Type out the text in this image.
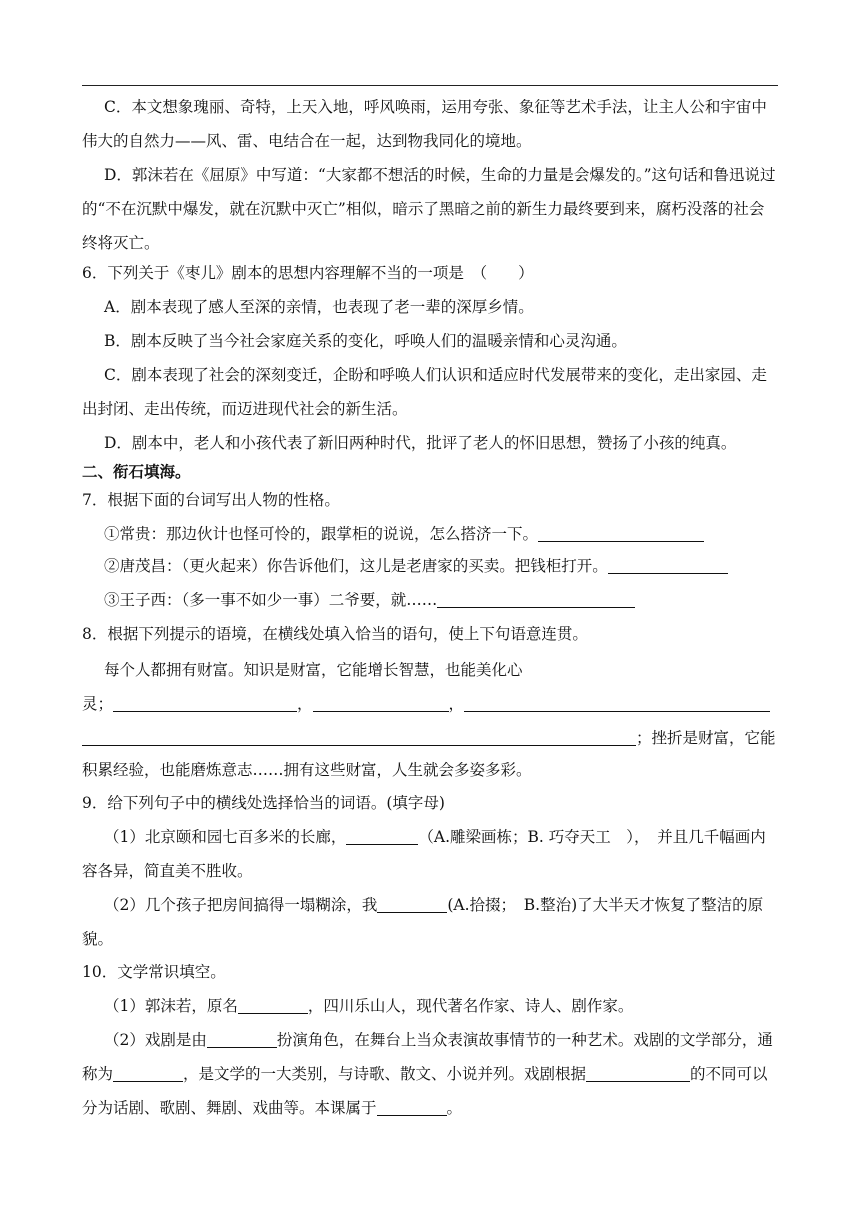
C．本文想象瑰丽、奇特，上天入地，呼风唤雨，运用夸张、象征等艺术手法，让主人公和宇宙中伟大的自然力——风、雷、电结合在一起，达到物我同化的境地。

D．郭沫若在《屈原》中写道：“大家都不想活的时候，生命的力量是会爆发的。”这句话和鲁迅说过的“不在沉默中爆发，就在沉默中灭亡”相似，暗示了黑暗之前的新生力最终要到来，腐朽没落的社会终将灭亡。

6．下列关于《枣儿》剧本的思想内容理解不当的一项是　（　　）

A．剧本表现了感人至深的亲情，也表现了老一辈的深厚乡情。

B．剧本反映了当今社会家庭关系的变化，呼唤人们的温暖亲情和心灵沟通。

C．剧本表现了社会的深刻变迁，企盼和呼唤人们认识和适应时代发展带来的变化，走出家园、走出封闭、走出传统，而迈进现代社会的新生活。

D．剧本中，老人和小孩代表了新旧两种时代，批评了老人的怀旧思想，赞扬了小孩的纯真。

二、衔石填海。

7．根据下面的台词写出人物的性格。

①常贵：那边伙计也怪可怜的，跟掌柜的说说，怎么搭济一下。

②唐茂昌：（更火起来）你告诉他们，这儿是老唐家的买卖。把钱柜打开。

③王子西：（多一事不如少一事）二爷要，就……

8．根据下列提示的语境，在横线处填入恰当的语句，使上下句语意连贯。

每个人都拥有财富。知识是财富，它能增长智慧，也能美化心

灵；	，	，
；挫折是财富，它能

积累经验，也能磨炼意志……拥有这些财富，人生就会多姿多彩。

9．给下列句子中的横线处选择恰当的词语。(填字母)

（1）北京颐和园七百多米的长廊，	（A.雕梁画栋；B. 巧夺天工　），　并且几千幅画内容各异，简直美不胜收。

（2）几个孩子把房间搞得一塌糊涂，我	(A.拾掇；　B.整治)了大半天才恢复了整洁的原貌。

10．文学常识填空。

（1）郭沫若，原名	，四川乐山人，现代著名作家、诗人、剧作家。

（2）戏剧是由	扮演角色，在舞台上当众表演故事情节的一种艺术。戏剧的文学部分，通称为	，是文学的一大类别，与诗歌、散文、小说并列。戏剧根据	的不同可以分为话剧、歌剧、舞剧、戏曲等。本课属于	。
